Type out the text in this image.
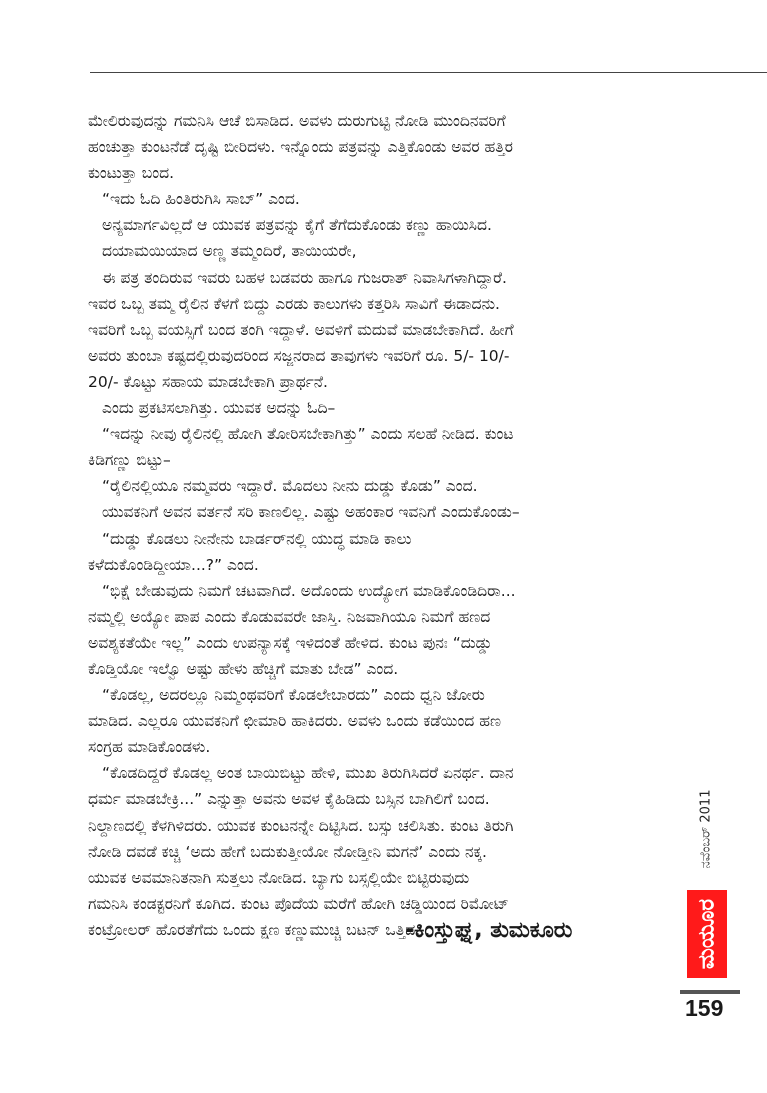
ಮೇಲಿರುವುದನ್ನು ಗಮನಿಸಿ ಆಚೆ ಬಿಸಾಡಿದ. ಅವಳು ದುರುಗುಟ್ಟಿ ನೋಡಿ ಮುಂದಿನವರಿಗೆ
ಹಂಚುತ್ತಾ ಕುಂಟನೆಡೆ ದೃಷ್ಟಿ ಬೀರಿದಳು. ಇನ್ನೊಂದು ಪತ್ರವನ್ನು ಎತ್ತಿಕೊಂಡು ಅವರ ಹತ್ತಿರ
ಕುಂಟುತ್ತಾ ಬಂದ.
“ಇದು ಓದಿ ಹಿಂತಿರುಗಿಸಿ ಸಾಬ್” ಎಂದ.
ಅನ್ಯಮಾರ್ಗವಿಲ್ಲದೆ ಆ ಯುವಕ ಪತ್ರವನ್ನು ಕೈಗೆ ತೆಗೆದುಕೊಂಡು ಕಣ್ಣು ಹಾಯಿಸಿದ.
ದಯಾಮಯಿಯಾದ ಅಣ್ಣ ತಮ್ಮಂದಿರೆ, ತಾಯಿಯರೇ,
ಈ ಪತ್ರ ತಂದಿರುವ ಇವರು ಬಹಳ ಬಡವರು ಹಾಗೂ ಗುಜರಾತ್ ನಿವಾಸಿಗಳಾಗಿದ್ದಾರೆ.
ಇವರ ಒಬ್ಬ ತಮ್ಮ ರೈಲಿನ ಕೆಳಗೆ ಬಿದ್ದು ಎರಡು ಕಾಲುಗಳು ಕತ್ತರಿಸಿ ಸಾವಿಗೆ ಈಡಾದನು.
ಇವರಿಗೆ ಒಬ್ಬ ವಯಸ್ಸಿಗೆ ಬಂದ ತಂಗಿ ಇದ್ದಾಳೆ. ಅವಳಿಗೆ ಮದುವೆ ಮಾಡಬೇಕಾಗಿದೆ. ಹೀಗೆ
ಅವರು ತುಂಬಾ ಕಷ್ಟದಲ್ಲಿರುವುದರಿಂದ ಸಜ್ಜನರಾದ ತಾವುಗಳು ಇವರಿಗೆ ರೂ. 5/- 10/-
20/- ಕೊಟ್ಟು ಸಹಾಯ ಮಾಡಬೇಕಾಗಿ ಪ್ರಾರ್ಥನೆ.
ಎಂದು ಪ್ರಕಟಿಸಲಾಗಿತ್ತು. ಯುವಕ ಅದನ್ನು ಓದಿ–
“ಇದನ್ನು ನೀವು ರೈಲಿನಲ್ಲಿ ಹೋಗಿ ತೋರಿಸಬೇಕಾಗಿತ್ತು” ಎಂದು ಸಲಹೆ ನೀಡಿದ. ಕುಂಟ
ಕಿಡಿಗಣ್ಣು ಬಿಟ್ಟು–
“ರೈಲಿನಲ್ಲಿಯೂ ನಮ್ಮವರು ಇದ್ದಾರೆ. ಮೊದಲು ನೀನು ದುಡ್ಡು ಕೊಡು” ಎಂದ.
ಯುವಕನಿಗೆ ಅವನ ವರ್ತನೆ ಸರಿ ಕಾಣಲಿಲ್ಲ. ಎಷ್ಟು ಅಹಂಕಾರ ಇವನಿಗೆ ಎಂದುಕೊಂಡು–
“ದುಡ್ಡು ಕೊಡಲು ನೀನೇನು ಬಾರ್ಡರ್‌ನಲ್ಲಿ ಯುದ್ಧ ಮಾಡಿ ಕಾಲು
ಕಳೆದುಕೊಂಡಿದ್ದೀಯಾ...?” ಎಂದ.
“ಭಿಕ್ಷೆ ಬೇಡುವುದು ನಿಮಗೆ ಚಟವಾಗಿದೆ. ಅದೊಂದು ಉದ್ಯೋಗ ಮಾಡಿಕೊಂಡಿದಿರಾ...
ನಮ್ಮಲ್ಲಿ ಅಯ್ಯೋ ಪಾಪ ಎಂದು ಕೊಡುವವರೇ ಜಾಸ್ತಿ. ನಿಜವಾಗಿಯೂ ನಿಮಗೆ ಹಣದ
ಅವಶ್ಯಕತೆಯೇ ಇಲ್ಲ” ಎಂದು ಉಪನ್ಯಾಸಕ್ಕೆ ಇಳಿದಂತೆ ಹೇಳಿದ. ಕುಂಟ ಪುನಃ “ದುಡ್ಡು
ಕೊಡ್ತಿಯೋ ಇಲ್ವೊ ಅಷ್ಟು ಹೇಳು ಹೆಚ್ಚಿಗೆ ಮಾತು ಬೇಡ” ಎಂದ.
“ಕೊಡಲ್ಲ, ಅದರಲ್ಲೂ ನಿಮ್ಮಂಥವರಿಗೆ ಕೊಡಲೇಬಾರದು” ಎಂದು ಧ್ವನಿ ಜೋರು
ಮಾಡಿದ. ಎಲ್ಲರೂ ಯುವಕನಿಗೆ ಛೀಮಾರಿ ಹಾಕಿದರು. ಅವಳು ಒಂದು ಕಡೆಯಿಂದ ಹಣ
ಸಂಗ್ರಹ ಮಾಡಿಕೊಂಡಳು.
“ಕೊಡದಿದ್ದರೆ ಕೊಡಲ್ಲ ಅಂತ ಬಾಯಿಬಿಟ್ಟು ಹೇಳಿ, ಮುಖ ತಿರುಗಿಸಿದರೆ ಏನರ್ಥ. ದಾನ
ಧರ್ಮ ಮಾಡಬೇಕ್ರಿ...” ಎನ್ನುತ್ತಾ ಅವನು ಅವಳ ಕೈಹಿಡಿದು ಬಸ್ಸಿನ ಬಾಗಿಲಿಗೆ ಬಂದ.
ನಿಲ್ದಾಣದಲ್ಲಿ ಕೆಳಗಿಳಿದರು. ಯುವಕ ಕುಂಟನನ್ನೇ ದಿಟ್ಟಿಸಿದ. ಬಸ್ಸು ಚಲಿಸಿತು. ಕುಂಟ ತಿರುಗಿ
ನೋಡಿ ದವಡೆ ಕಚ್ಚಿ ‘ಅದು ಹೇಗೆ ಬದುಕುತ್ತೀಯೋ ನೋಡ್ತೀನಿ ಮಗನೆ’ ಎಂದು ನಕ್ಕ.
ಯುವಕ ಅವಮಾನಿತನಾಗಿ ಸುತ್ತಲು ನೋಡಿದ. ಬ್ಯಾಗು ಬಸ್ಸಲ್ಲಿಯೇ ಬಿಟ್ಟಿರುವುದು
ಗಮನಿಸಿ ಕಂಡಕ್ಟರನಿಗೆ ಕೂಗಿದ. ಕುಂಟ ಪೊದೆಯ ಮರೆಗೆ ಹೋಗಿ ಚಡ್ಡಿಯಿಂದ ರಿಮೋಟ್
ಕಂಟ್ರೋಲರ್ ಹೊರತೆಗೆದು ಒಂದು ಕ್ಷಣ ಕಣ್ಣುಮುಚ್ಚಿ ಬಟನ್ ಒತ್ತಿದ...
-ಕಿಂಸ್ತುಘ್ನ, ತುಮಕೂರು
ನವೆಂಬರ್ 2011
ಮಯೂರ
159
